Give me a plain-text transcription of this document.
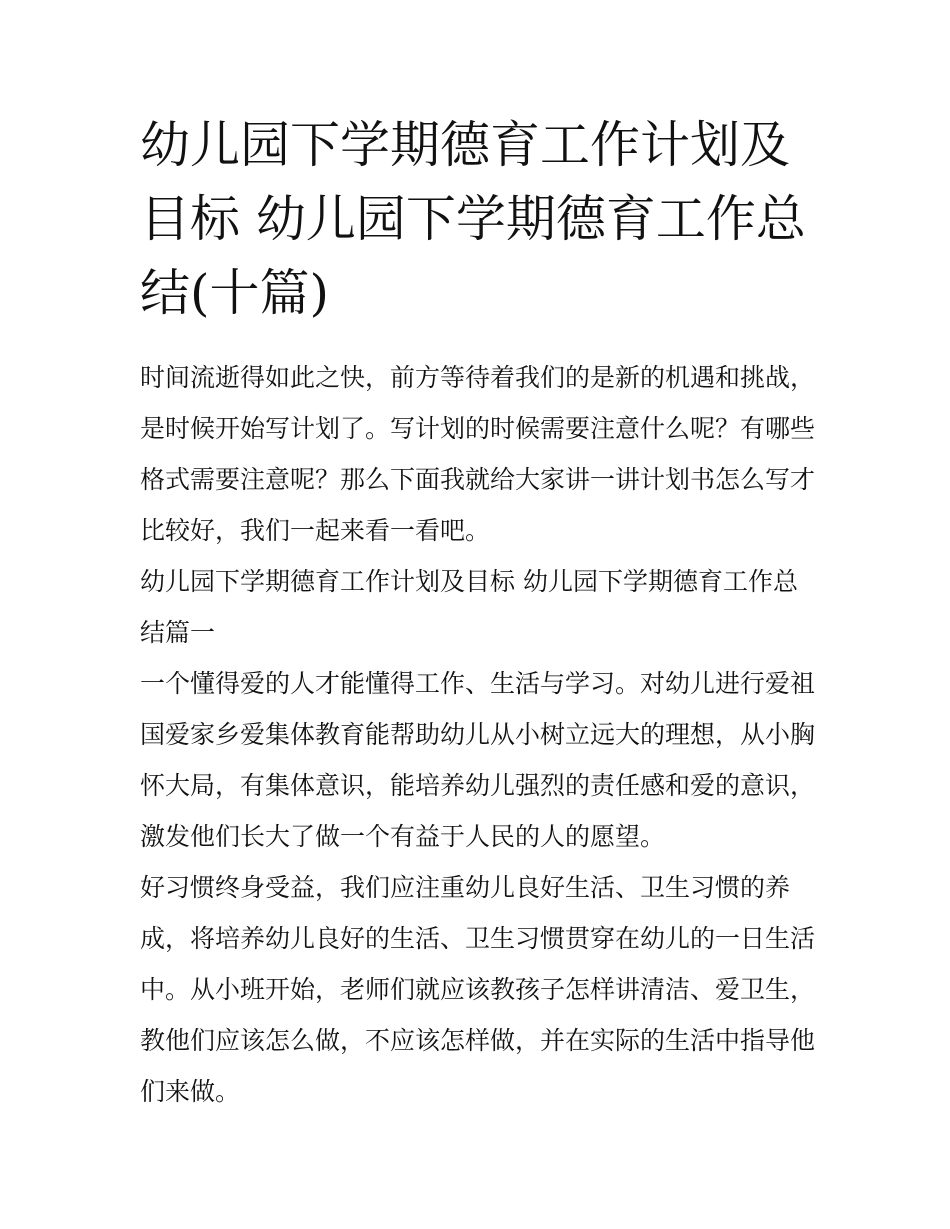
幼儿园下学期德育工作计划及目标 幼儿园下学期德育工作总结(十篇)

时间流逝得如此之快，前方等待着我们的是新的机遇和挑战，是时候开始写计划了。写计划的时候需要注意什么呢？有哪些格式需要注意呢？那么下面我就给大家讲一讲计划书怎么写才比较好，我们一起来看一看吧。

幼儿园下学期德育工作计划及目标 幼儿园下学期德育工作总结篇一

一个懂得爱的人才能懂得工作、生活与学习。对幼儿进行爱祖国爱家乡爱集体教育能帮助幼儿从小树立远大的理想，从小胸怀大局，有集体意识，能培养幼儿强烈的责任感和爱的意识，激发他们长大了做一个有益于人民的人的愿望。

好习惯终身受益，我们应注重幼儿良好生活、卫生习惯的养成，将培养幼儿良好的生活、卫生习惯贯穿在幼儿的一日生活中。从小班开始，老师们就应该教孩子怎样讲清洁、爱卫生，教他们应该怎么做，不应该怎样做，并在实际的生活中指导他们来做。
